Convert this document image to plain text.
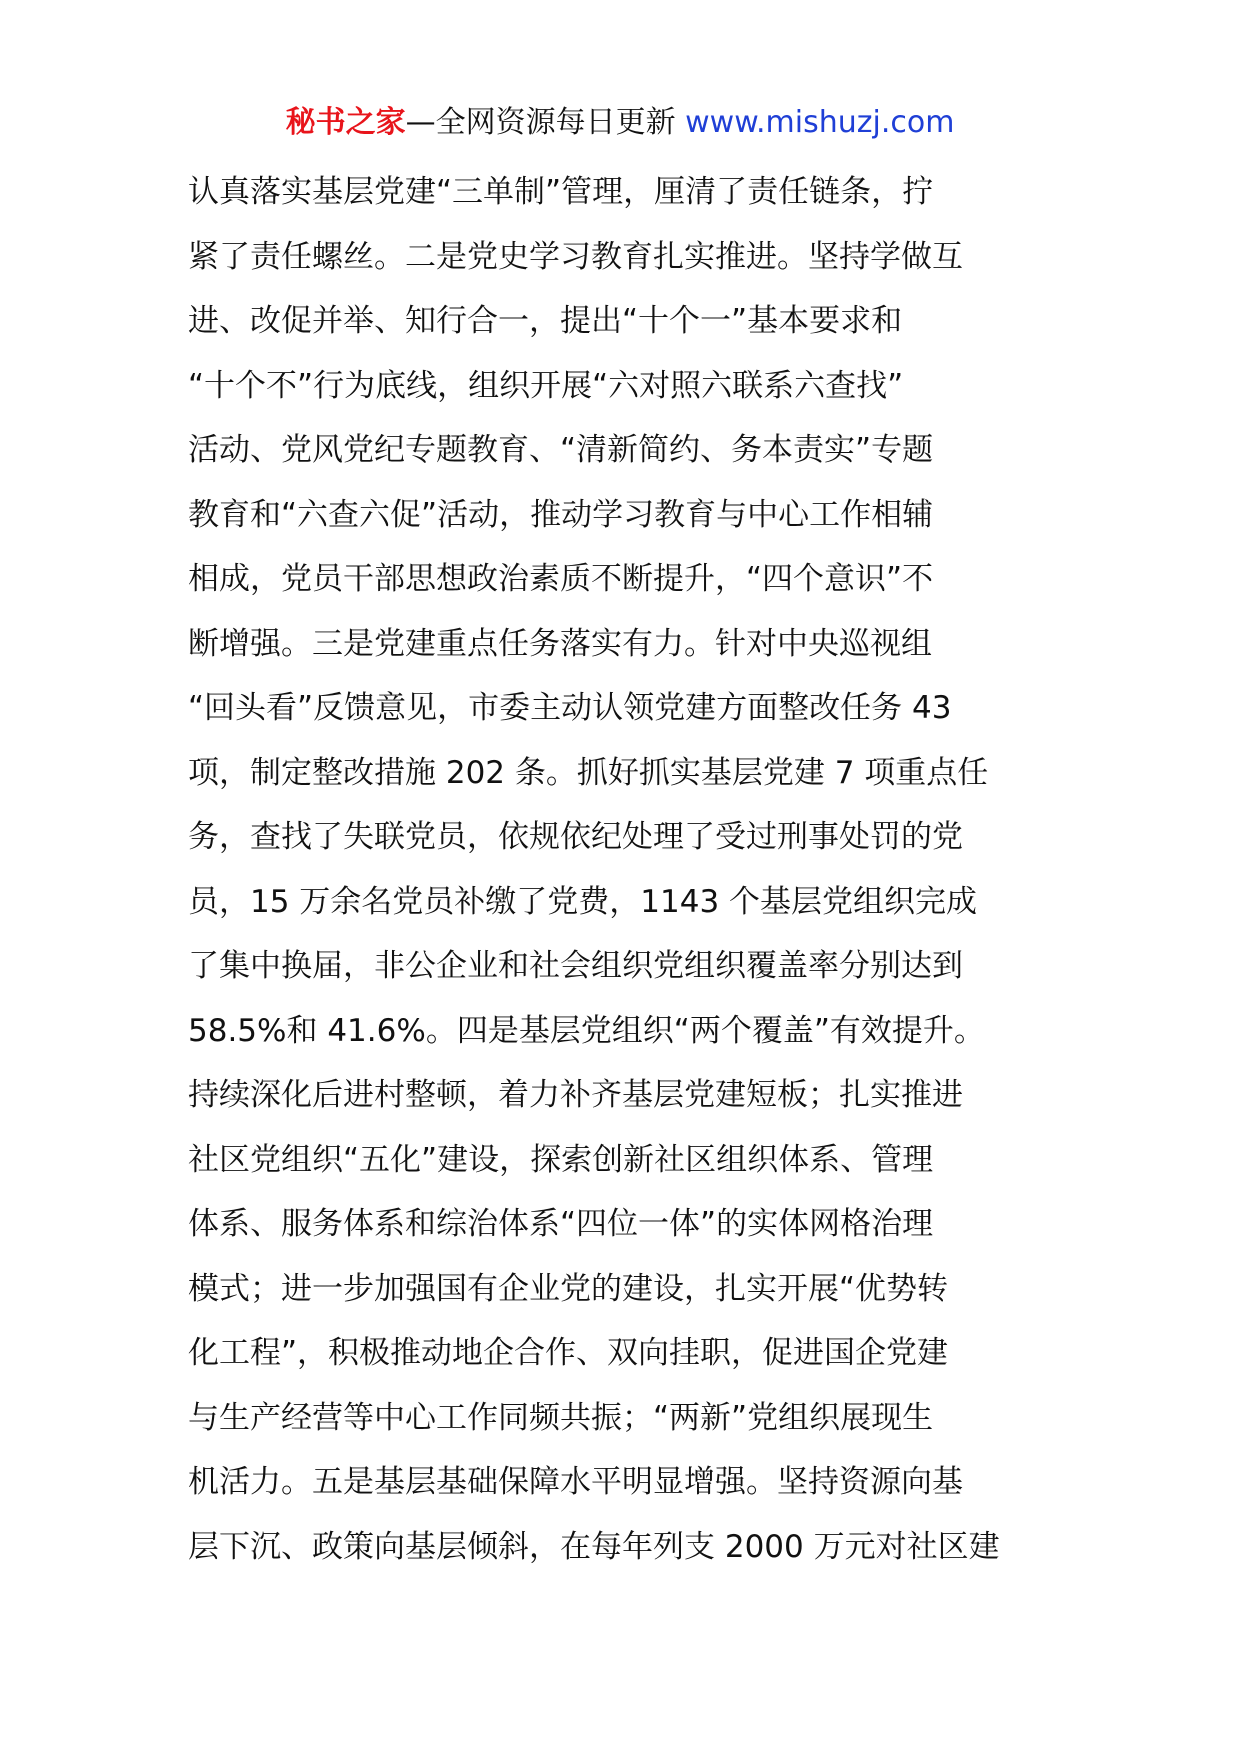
秘书之家—全网资源每日更新 www.mishuzj.com
认真落实基层党建“三单制”管理，厘清了责任链条，拧
紧了责任螺丝。二是党史学习教育扎实推进。坚持学做互
进、改促并举、知行合一，提出“十个一”基本要求和
“十个不”行为底线，组织开展“六对照六联系六查找”
活动、党风党纪专题教育、“清新简约、务本责实”专题
教育和“六查六促”活动，推动学习教育与中心工作相辅
相成，党员干部思想政治素质不断提升，“四个意识”不
断增强。三是党建重点任务落实有力。针对中央巡视组
“回头看”反馈意见，市委主动认领党建方面整改任务 43
项，制定整改措施 202 条。抓好抓实基层党建 7 项重点任
务，查找了失联党员，依规依纪处理了受过刑事处罚的党
员，15 万余名党员补缴了党费，1143 个基层党组织完成
了集中换届，非公企业和社会组织党组织覆盖率分别达到
58.5%和 41.6%。四是基层党组织“两个覆盖”有效提升。
持续深化后进村整顿，着力补齐基层党建短板；扎实推进
社区党组织“五化”建设，探索创新社区组织体系、管理
体系、服务体系和综治体系“四位一体”的实体网格治理
模式；进一步加强国有企业党的建设，扎实开展“优势转
化工程”，积极推动地企合作、双向挂职，促进国企党建
与生产经营等中心工作同频共振；“两新”党组织展现生
机活力。五是基层基础保障水平明显增强。坚持资源向基
层下沉、政策向基层倾斜，在每年列支 2000 万元对社区建
